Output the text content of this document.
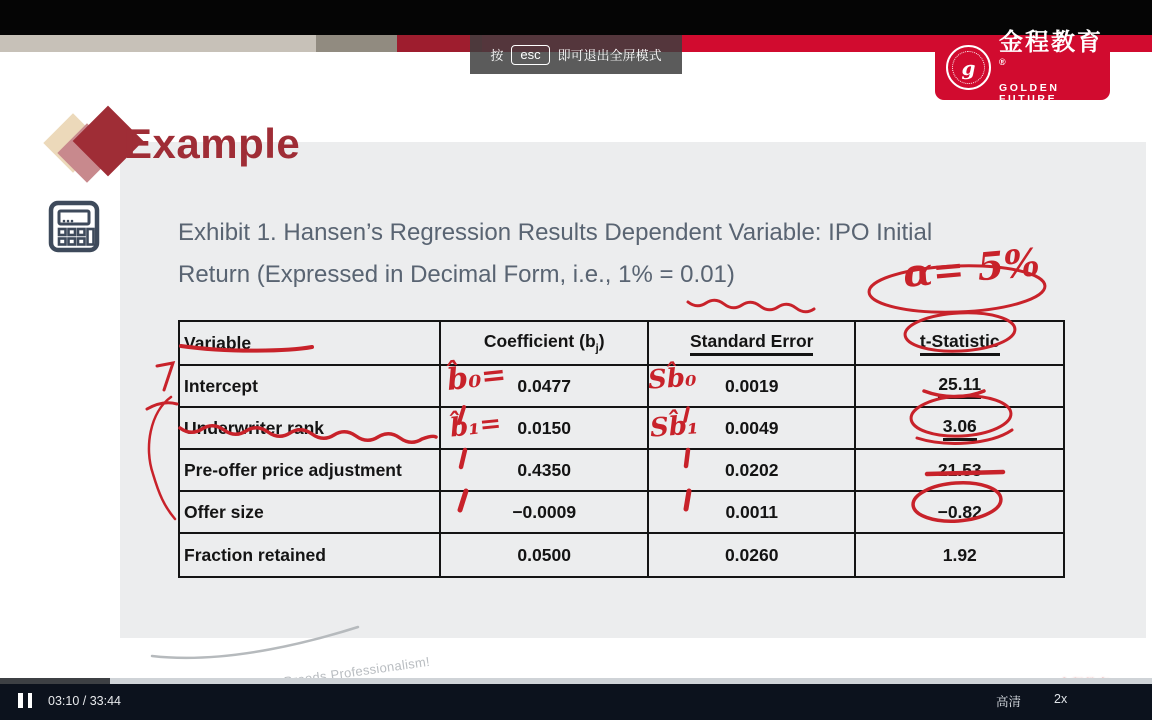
Example
Exhibit 1. Hansen’s Regression Results Dependent Variable: IPO Initial
Return (Expressed in Decimal Form, i.e., 1% = 0.01)	α= 5%
Variable	Coefficient $(b_j)$	Standard Error	t-Statistic
Intercept	0.0477	0.0019	25.11
Underwriter rank	0.0150	0.0049	3.06
Pre-offer price adjustment	0.4350	0.0202	21.53
Offer size	−0.0009	0.0011	−0.82
Fraction retained	0.0500	0.0260	1.92
b̂₀=	Sb̂₀
b̂₁=	Sb̂₁
按	esc	即可退出全屏模式	g
金程教育®
GOLDEN FUTURE
03:10 / 33:44	高清	2x
